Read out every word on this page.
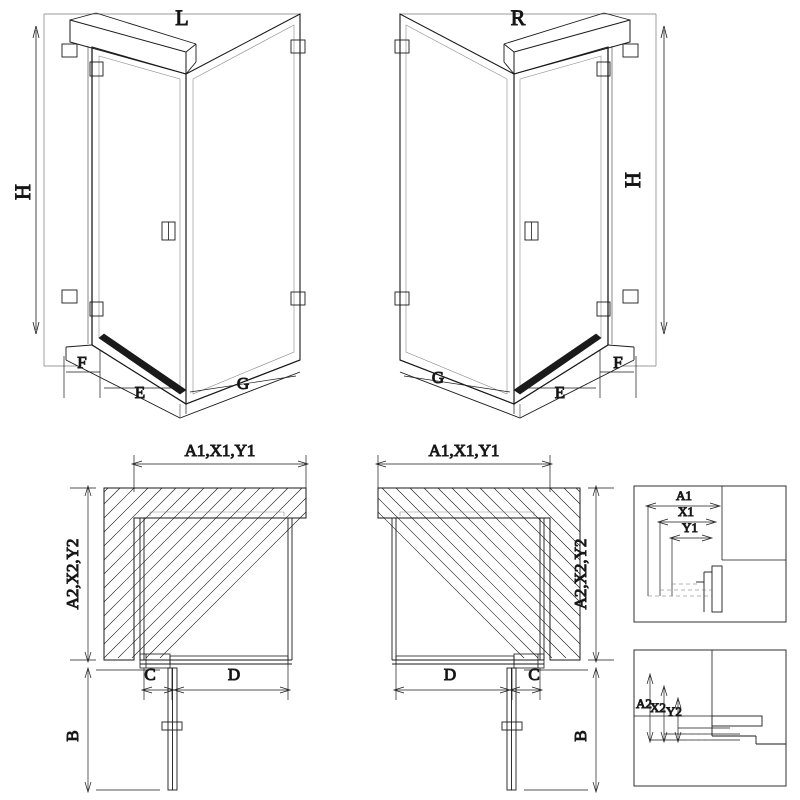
H
L
F
E	G
H
R
F
E
G
A1,X1,Y1
A2,X2,Y2
C	D
B
A1,X1,Y1
A2,X2,Y2
C
D
B
A1
X1
Y1
A2
X2 Y2
